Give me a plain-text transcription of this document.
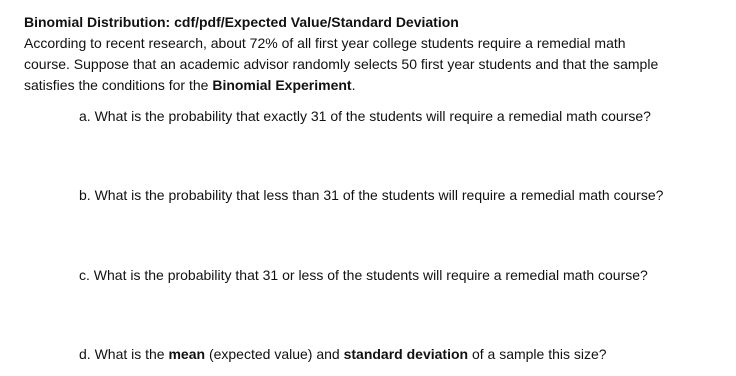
Binomial Distribution: cdf/pdf/Expected Value/Standard Deviation
According to recent research, about 72% of all first year college students require a remedial math
course. Suppose that an academic advisor randomly selects 50 first year students and that the sample
satisfies the conditions for the Binomial Experiment.
a. What is the probability that exactly 31 of the students will require a remedial math course?
b. What is the probability that less than 31 of the students will require a remedial math course?
c. What is the probability that 31 or less of the students will require a remedial math course?
d. What is the mean (expected value) and standard deviation of a sample this size?
